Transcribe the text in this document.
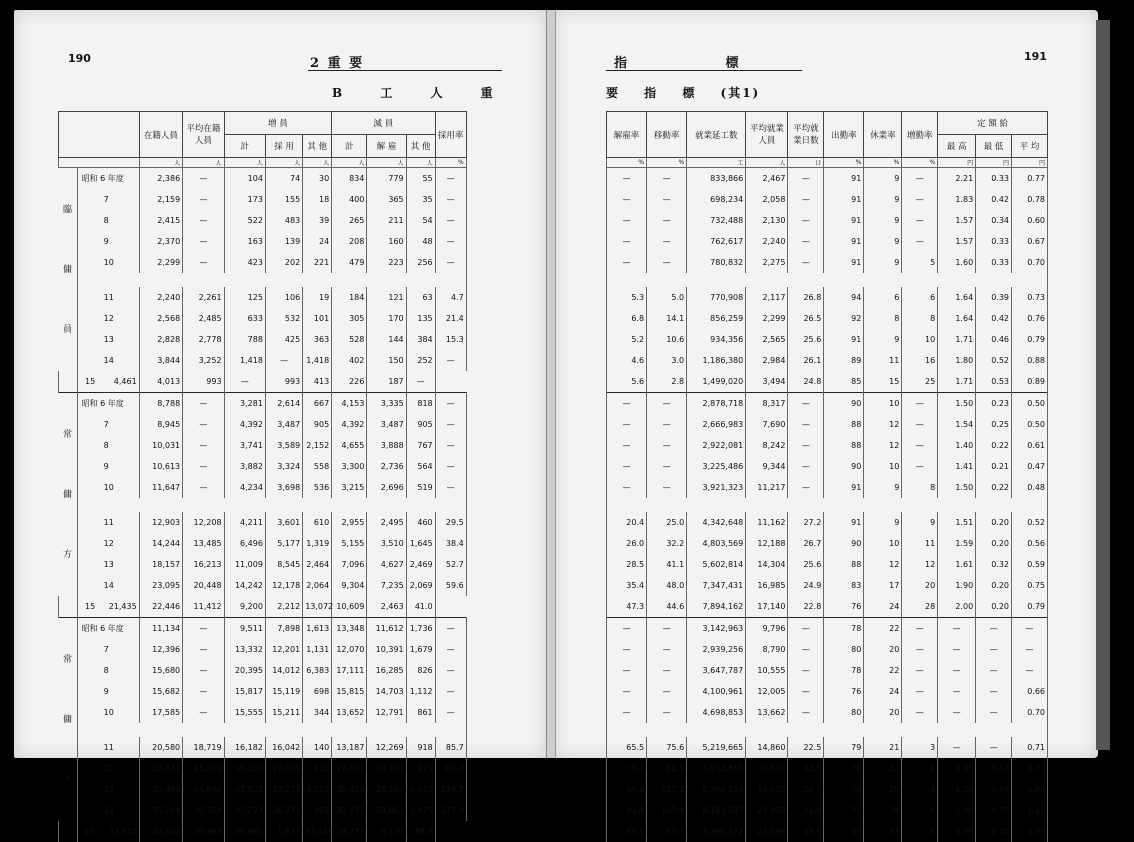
190	2 重 要
B 工 人 重
191
指 標
要 指 標 (其1)
		在籍人員	平均在籍人員	増 員			減 員			採用率
				計	採 用	其 他	計	解 雇	其 他	
		人	人	人	人	人	人	人	人	%
臨 傭 員	昭和 6 年度	2,386	—	104	74	30	834	779	55	—
	7	2,159	—	173	155	18	400	365	35	—
	8	2,415	—	522	483	39	265	211	54	—
	9	2,370	—	163	139	24	208	160	48	—
	10	2,299	—	423	202	221	479	223	256	—

	11	2,240	2,261	125	106	19	184	121	63	4.7
	12	2,568	2,485	633	532	101	305	170	135	21.4
	13	2,828	2,778	788	425	363	528	144	384	15.3
	14	3,844	3,252	1,418	—	1,418	402	150	252	—
15	4,461	4,013	993	—	993	413	226	187	—	
常 傭 方	昭和 6 年度	8,788	—	3,281	2,614	667	4,153	3,335	818	—
	7	8,945	—	4,392	3,487	905	4,392	3,487	905	—
	8	10,031	—	3,741	3,589	2,152	4,655	3,888	767	—
	9	10,613	—	3,882	3,324	558	3,300	2,736	564	—
	10	11,647	—	4,234	3,698	536	3,215	2,696	519	—

	11	12,903	12,208	4,211	3,601	610	2,955	2,495	460	29.5
	12	14,244	13,485	6,496	5,177	1,319	5,155	3,510	1,645	38.4
	13	18,157	16,213	11,009	8,545	2,464	7,096	4,627	2,469	52.7
	14	23,095	20,448	14,242	12,178	2,064	9,304	7,235	2,069	59.6
15	21,435	22,446	11,412	9,200	2,212	13,072	10,609	2,463	41.0	
常 傭 夫	昭和 6 年度	11,134	—	9,511	7,898	1,613	13,348	11,612	1,736	—
	7	12,396	—	13,332	12,201	1,131	12,070	10,391	1,679	—
	8	15,680	—	20,395	14,012	6,383	17,111	16,285	826	—
	9	15,682	—	15,817	15,119	698	15,815	14,703	1,112	—
	10	17,585	—	15,555	15,211	344	13,652	12,791	861	—

	11	20,580	18,719	16,182	16,042	140	13,187	12,269	918	85.7
	12	22,673	21,280	19,131	19,005	126	17,038	16,109	929	89.3
	13	30,483	24,696	37,825	33,273	4,552	30,015	24,392	5,623	134.7
	14	35,269	30,764	37,223	36,271	952	32,337	28,862	3,475	117.9
15	32,715	32,802	30,762	29,085	1,677	33,416	29,277	4,139	88.7	
解雇率	移動率	就業延工数	平均就業人員	平均就業日数	出勤率	休業率	増勤率	定 額 給		
								最 高	最 低	平 均
%	%	工	人	日	%	%	%	円	円	円
—	—	833,866	2,467	—	91	9	—	2.21	0.33	0.77
—	—	698,234	2,058	—	91	9	—	1.83	0.42	0.78
—	—	732,488	2,130	—	91	9	—	1.57	0.34	0.60
—	—	762,617	2,240	—	91	9	—	1.57	0.33	0.67
—	—	780,832	2,275	—	91	9	5	1.60	0.33	0.70

5.3	5.0	770,908	2,117	26.8	94	6	6	1.64	0.39	0.73
6.8	14.1	856,259	2,299	26.5	92	8	8	1.64	0.42	0.76
5.2	10.6	934,356	2,565	25.6	91	9	10	1.71	0.46	0.79
4.6	3.0	1,186,380	2,984	26.1	89	11	16	1.80	0.52	0.88
5.6	2.8	1,499,020	3,494	24.8	85	15	25	1.71	0.53	0.89
—	—	2,878,718	8,317	—	90	10	—	1.50	0.23	0.50
—	—	2,666,983	7,690	—	88	12	—	1.54	0.25	0.50
—	—	2,922,081	8,242	—	88	12	—	1.40	0.22	0.61
—	—	3,225,486	9,344	—	90	10	—	1.41	0.21	0.47
—	—	3,921,323	11,217	—	91	9	8	1.50	0.22	0.48

20.4	25.0	4,342,648	11,162	27.2	91	9	9	1.51	0.20	0.52
26.0	32.2	4,803,569	12,188	26.7	90	10	11	1.59	0.20	0.56
28.5	41.1	5,602,814	14,304	25.6	88	12	12	1.61	0.32	0.59
35.4	48.0	7,347,431	16,985	24.9	83	17	20	1.90	0.20	0.75
47.3	44.6	7,894,162	17,140	22.8	76	24	28	2.00	0.20	0.79
—	—	3,142,963	9,796	—	78	22	—	—	—	—
—	—	2,939,256	8,790	—	80	20	—	—	—	—
—	—	3,647,787	10,555	—	78	22	—	—	—	—
—	—	4,100,961	12,005	—	76	24	—	—	—	0.66
—	—	4,698,853	13,662	—	80	20	—	—	—	0.70

65.5	75.6	5,219,665	14,860	22.5	79	21	3	—	—	0.71
75.7	82.5	5,952,810	16,675	22.5	78	22	4	0.85	0.63	0.73
98.8	117.2	6,380,130	18,639	20.7	75	25	4	1.38	0.69	0.89
93.8	107.0	8,185,085	21,939	21.0	71	29	6	1.80	0.76	1.11
89.1	63.3	8,398,372	22,099	19.6	67	33	9	2.09	0.70	1.27
